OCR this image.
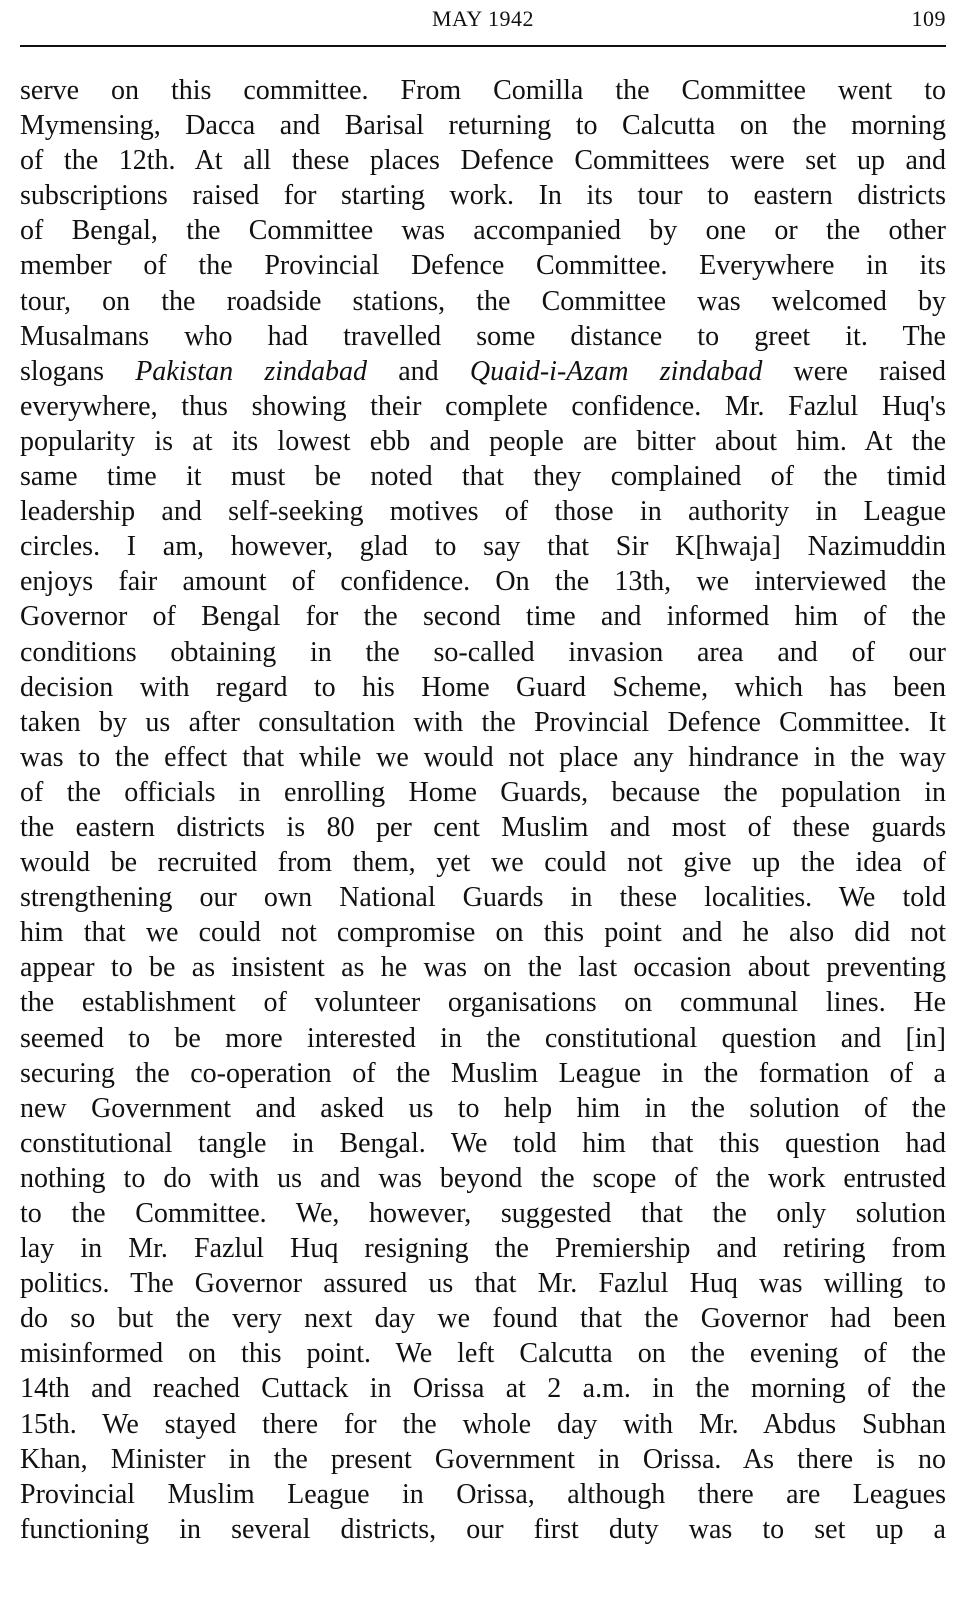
MAY 1942	109
serve on this committee. From Comilla the Committee went to
Mymensing, Dacca and Barisal returning to Calcutta on the morning
of the 12th. At all these places Defence Committees were set up and
subscriptions raised for starting work. In its tour to eastern districts
of Bengal, the Committee was accompanied by one or the other
member of the Provincial Defence Committee. Everywhere in its
tour, on the roadside stations, the Committee was welcomed by
Musalmans who had travelled some distance to greet it. The
slogans Pakistan zindabad and Quaid-i-Azam zindabad were raised
everywhere, thus showing their complete confidence. Mr. Fazlul Huq's
popularity is at its lowest ebb and people are bitter about him. At the
same time it must be noted that they complained of the timid
leadership and self-seeking motives of those in authority in League
circles. I am, however, glad to say that Sir K[hwaja] Nazimuddin
enjoys fair amount of confidence. On the 13th, we interviewed the
Governor of Bengal for the second time and informed him of the
conditions obtaining in the so-called invasion area and of our
decision with regard to his Home Guard Scheme, which has been
taken by us after consultation with the Provincial Defence Committee. It
was to the effect that while we would not place any hindrance in the way
of the officials in enrolling Home Guards, because the population in
the eastern districts is 80 per cent Muslim and most of these guards
would be recruited from them, yet we could not give up the idea of
strengthening our own National Guards in these localities. We told
him that we could not compromise on this point and he also did not
appear to be as insistent as he was on the last occasion about preventing
the establishment of volunteer organisations on communal lines. He
seemed to be more interested in the constitutional question and [in]
securing the co-operation of the Muslim League in the formation of a
new Government and asked us to help him in the solution of the
constitutional tangle in Bengal. We told him that this question had
nothing to do with us and was beyond the scope of the work entrusted
to the Committee. We, however, suggested that the only solution
lay in Mr. Fazlul Huq resigning the Premiership and retiring from
politics. The Governor assured us that Mr. Fazlul Huq was willing to
do so but the very next day we found that the Governor had been
misinformed on this point. We left Calcutta on the evening of the
14th and reached Cuttack in Orissa at 2 a.m. in the morning of the
15th. We stayed there for the whole day with Mr. Abdus Subhan
Khan, Minister in the present Government in Orissa. As there is no
Provincial Muslim League in Orissa, although there are Leagues
functioning in several districts, our first duty was to set up a
